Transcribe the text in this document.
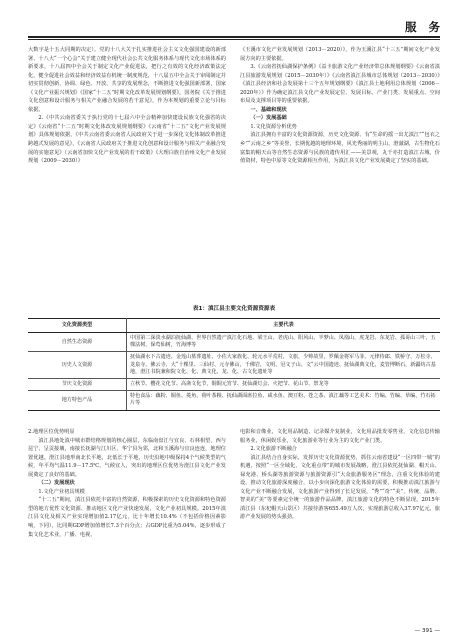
服 务

大数字是十五大同期的决定）。党的十八大关于扎实推进社会主义文化强国建设的新部署、十八大“一个心会”关于建立健全现代社会公共文化服务体系与现代文化市场体系的新要求，十八届四中全会关于制定文化产业促进法，把行之有效的文化经济政策法定化，健全促进社会效益和经济效益有机统一制度规范，十八届五中全会关于审阅制定并切实贯彻创新、协调、绿色、开放、共享的发展理念，不断推进文化强国新部署，国家《文化产业振兴规划》《国家“十二五”时期文化改革发展规划纲要》，国务院《关于推进文化创意和设计服务与相关产业融合发展的若干意见》，作为本规划的重要立论与目标依据。

2.《中共云南省委关于执行党的十七届六中全会精神加快建设民族文化强省的决定》《云南省“十二五”时期文化体改发展规划纲要》《云南省“十二五”文化产业发展规划》具体规划依据，《中共云南省委云南省人民政府关于进一步深化文化体制改革推进跨越式发展的意见》，《云南省人民政府关于推进文化创意和设计服务与相关产业融合发展的实施意见》（云南省加快文化产业发展的若干政策》《大理白族自治州文化产业发展规划（2009－2030）》

《玉溪市文化产业发展规划（2013－2020）》，作为玉溪江县“十三五”期间文化产业发展方向的主要依据。

3.《云南省抚仙湖保护条例》《益卡旅游文化产业经济带总体规划纲要》《云南省滇江县旅游发展规划（2015－2030年）》《云南省滇江县城市总体规划（2013－2030）》《滇江县经济和社会发展第十三个五年规划纲要》《滇江县土地利用总体规划（2006－2020年）》作为确定滇江县文化产业发展定位、发展目标、产业门类、发展重点、空间布局及支撑项目等的重要依据。

一、基础和现状

（一）发展基础

1.文化资源分析优势

滇江县拥有丰富的文化资源资源，历史文化资源、有“生命的摇一出尤滇江”“包衣之乡”“云南之乡”等美誉，长期优越的地理环境，风光秀丽的明主山、澄澈湖，古生物化石富集的帽天山等自然生态资源与民族的遗传用汇——美景观，丸千亦打造滇江古城，价值资材，特色中原等文化资源相互作用，为滇江县文化产业发展奠定了坚实的基础。

表1：滇江县主要文化资源资源表
文化资源类型	主要代表
自然生态资源	中国第二深淡水湖泊抚仙湖、世界自然遗产滇江化石地、梁王山、老虎山、阳风山、半梦山、凤凰山、虎龙岩、东龙岩、孤哥山三叶、五棵法树、保莺仙树，竹海博等
历史人文资源	抚仙湖水下古遗迹、金莲山墓葬遗址、小佐大家族化、轮元水平荒村，文旅，少帅故里，罗佩金将军马菲、元律侍郎、铁桥守、万松寺、龙泉寺、佛云寺、大“十棵里、三仙村、元寺佛山，千佛岩，文明、冠文子山、文“云中国遗迹、抚仙湖典文化，麦管博断石，新疆纺古基地，澄江书院兼和院文化、化、典文化，龙、化、古文化遗址等
节庆文化资源	立秋节、樱花文化节、高斋文化节，铜铜元宵节、抚仙湖灯会、火把节、花山节、祭龙等
地方特色产品	特色食品：藕粉、铜鱼、菱角、荷叶茶粮、抚仙湖面席拉鱼、咸水鱼、澳豆粉、苍之茶、滇江藕等工艺美术：竹编、竹编、草编、竹石拓片等

2.地理区位优势明显

滇江县地处滇中城市群结格规划的核心圈层，东临南盘江与宜良、石林相望，西与昆宁、呈贡接壤，南接长抚湖与江川区、华宁县为邻，北和玉溪海与宜良连连，地理位置优越。澄江县地形南北长平地，北低长于平地，历史沿地中级保持4个气候类型的气候，年平均气温11.9－17.5℃，气候宜人，突出的地理区位优势为澄江县文化产业发展奠定了良好的基础。

（二）发展现状

1.文化产业初具规模

“十二五”期间，滇江县依托丰富的自然资源，积极探索的历史文化资源和特色资源型的地方优性文化资源、推动地区文化产业快速发展，文化产业初具规模。2015年滇江县文化及相关产业实现增加值2.17亿元，比十年增长10.4%（不包括价格因素影响，下同），比同期GDP增加值增长7.3个百分点；占GDP比重为5.04%，逐步形成了集文化艺术业，广播、电视、

电影和音像业，文化用品制造、记录媒介复制业，文化用品批发零售业，文化信息传输服务业，休闲娱乐业，文化旅游业等行业为主的文化产业门类。

2.文化旅游不断融合

滇江县结合自身实际，发挥历史文化资源优势，抓住云南省建设“一区四带一城”的机遇，按照“一区全域化、文化重点带”的城市发展战略，澄江县依托抚仙湖、帽天山、禄充港、桥头湖等旅游资源与旅游资源引“大众旅游服务区”理念，注重文化体验的建设，推动文化旅游深度融合，以小步向深化旅游文化体验的需要，积极推动滇江旅游与文化产业不断融合发展，文化旅游产业得到了长足发展，“秀”“奇”“美”、传统、品牌、智美的“美”等要素完全统一的旅游作品品牌，滇江旅游文化的特色不断显现。2015年滇江县（东杞帽天山景区）共接待游客655.49万人次，实现旅游总收入37.97亿元，旅游产业发展的势头强劲。

— 391 —
